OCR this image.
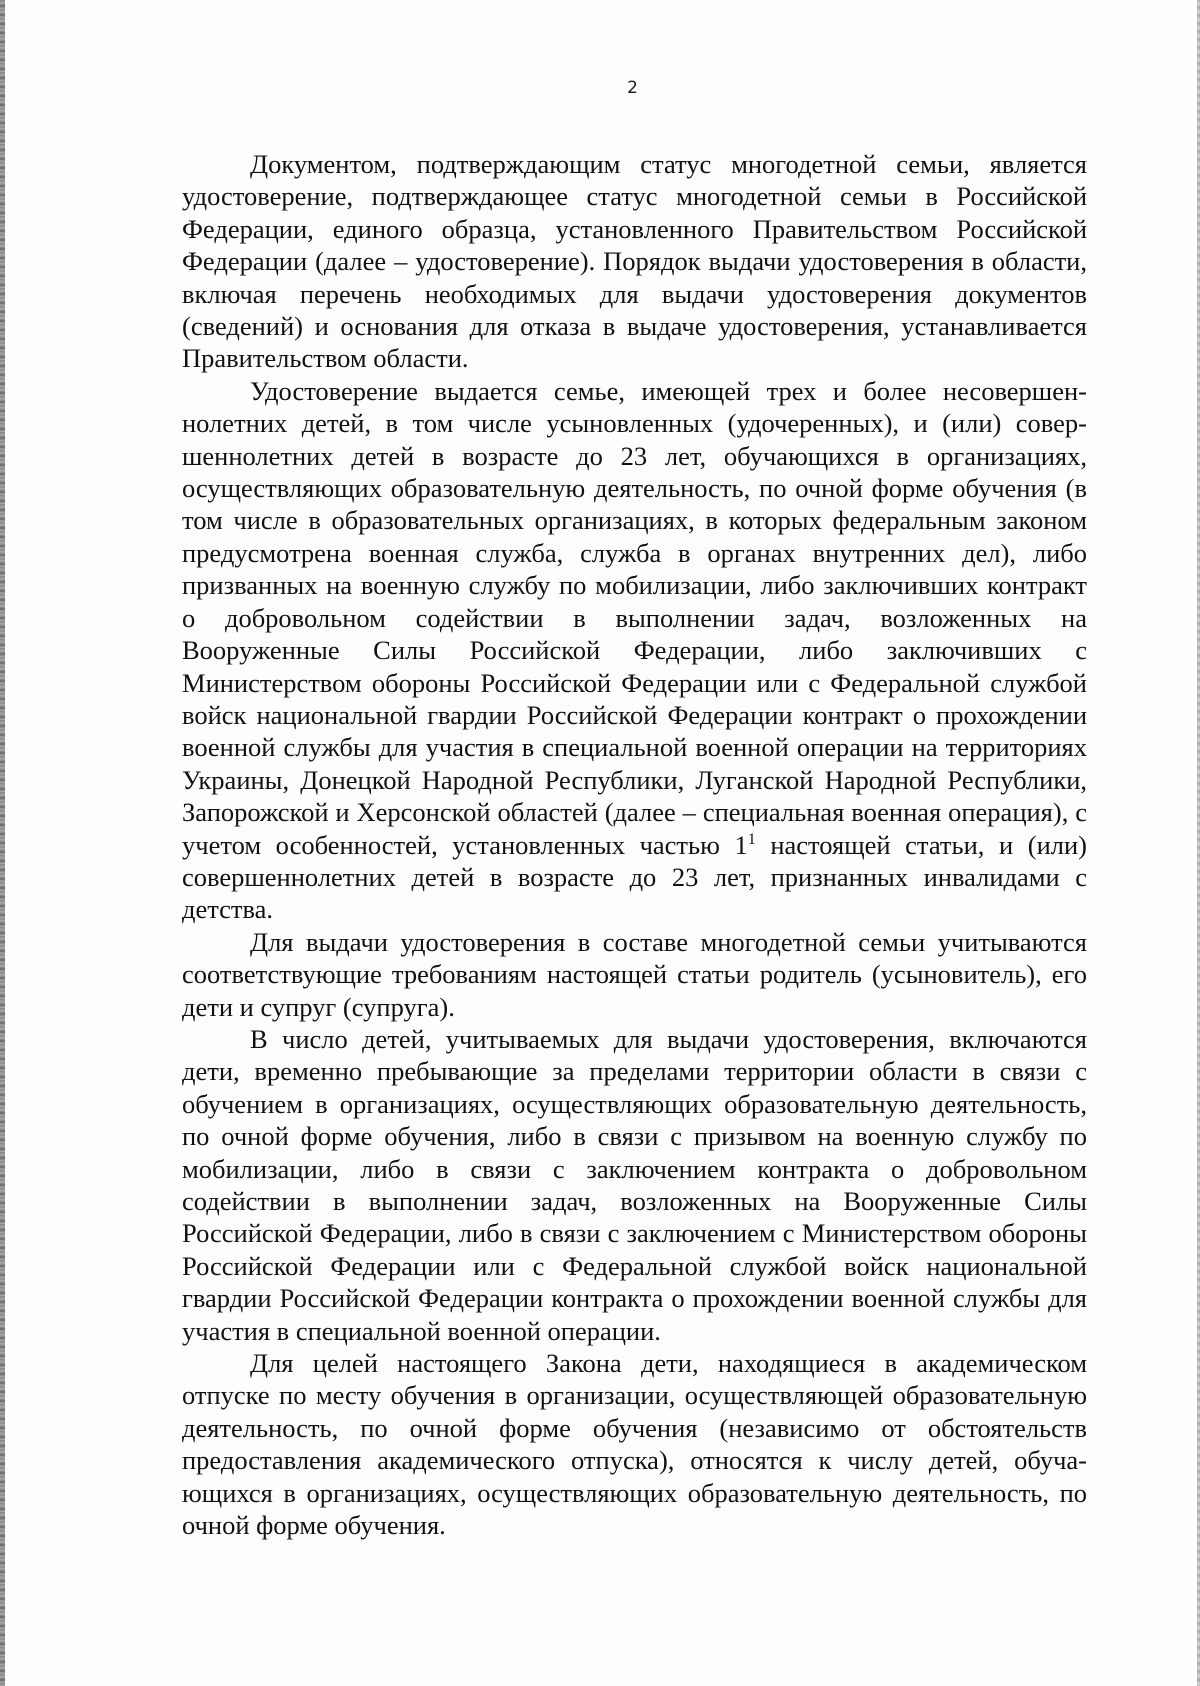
2

Документом, подтверждающим статус многодетной семьи, является удостоверение, подтверждающее статус многодетной семьи в Российской Федерации, единого образца, установленного Правительством Российской Федерации (далее – удостоверение). Порядок выдачи удостоверения в области, включая перечень необходимых для выдачи удостоверения документов (сведений) и основания для отказа в выдаче удостоверения, устанавливается Правительством области.

Удостоверение выдается семье, имеющей трех и более несовершеннолетних детей, в том числе усыновленных (удочеренных), и (или) совершеннолетних детей в возрасте до 23 лет, обучающихся в организациях, осуществляющих образовательную деятельность, по очной форме обучения (в том числе в образовательных организациях, в которых федеральным законом предусмотрена военная служба, служба в органах внутренних дел), либо призванных на военную службу по мобилизации, либо заключивших контракт о добровольном содействии в выполнении задач, возложенных на Вооруженные Силы Российской Федерации, либо заключивших с Министерством обороны Российской Федерации или с Федеральной службой войск национальной гвардии Российской Федерации контракт о прохождении военной службы для участия в специальной военной операции на территориях Украины, Донецкой Народной Республики, Луганской Народной Республики, Запорожской и Херсонской областей (далее – специальная военная операция), с учетом особенностей, установленных частью $1^1$ настоящей статьи, и (или) совершеннолетних детей в возрасте до 23 лет, признанных инвалидами с детства.

Для выдачи удостоверения в составе многодетной семьи учитываются соответствующие требованиям настоящей статьи родитель (усыновитель), его дети и супруг (супруга).

В число детей, учитываемых для выдачи удостоверения, включаются дети, временно пребывающие за пределами территории области в связи с обучением в организациях, осуществляющих образовательную деятельность, по очной форме обучения, либо в связи с призывом на военную службу по мобилизации, либо в связи с заключением контракта о добровольном содействии в выполнении задач, возложенных на Вооруженные Силы Российской Федерации, либо в связи с заключением с Министерством обороны Российской Федерации или с Федеральной службой войск национальной гвардии Российской Федерации контракта о прохождении военной службы для участия в специальной военной операции.

Для целей настоящего Закона дети, находящиеся в академическом отпуске по месту обучения в организации, осуществляющей образовательную деятельность, по очной форме обучения (независимо от обстоятельств предоставления академического отпуска), относятся к числу детей, обучающихся в организациях, осуществляющих образовательную деятельность, по очной форме обучения.
